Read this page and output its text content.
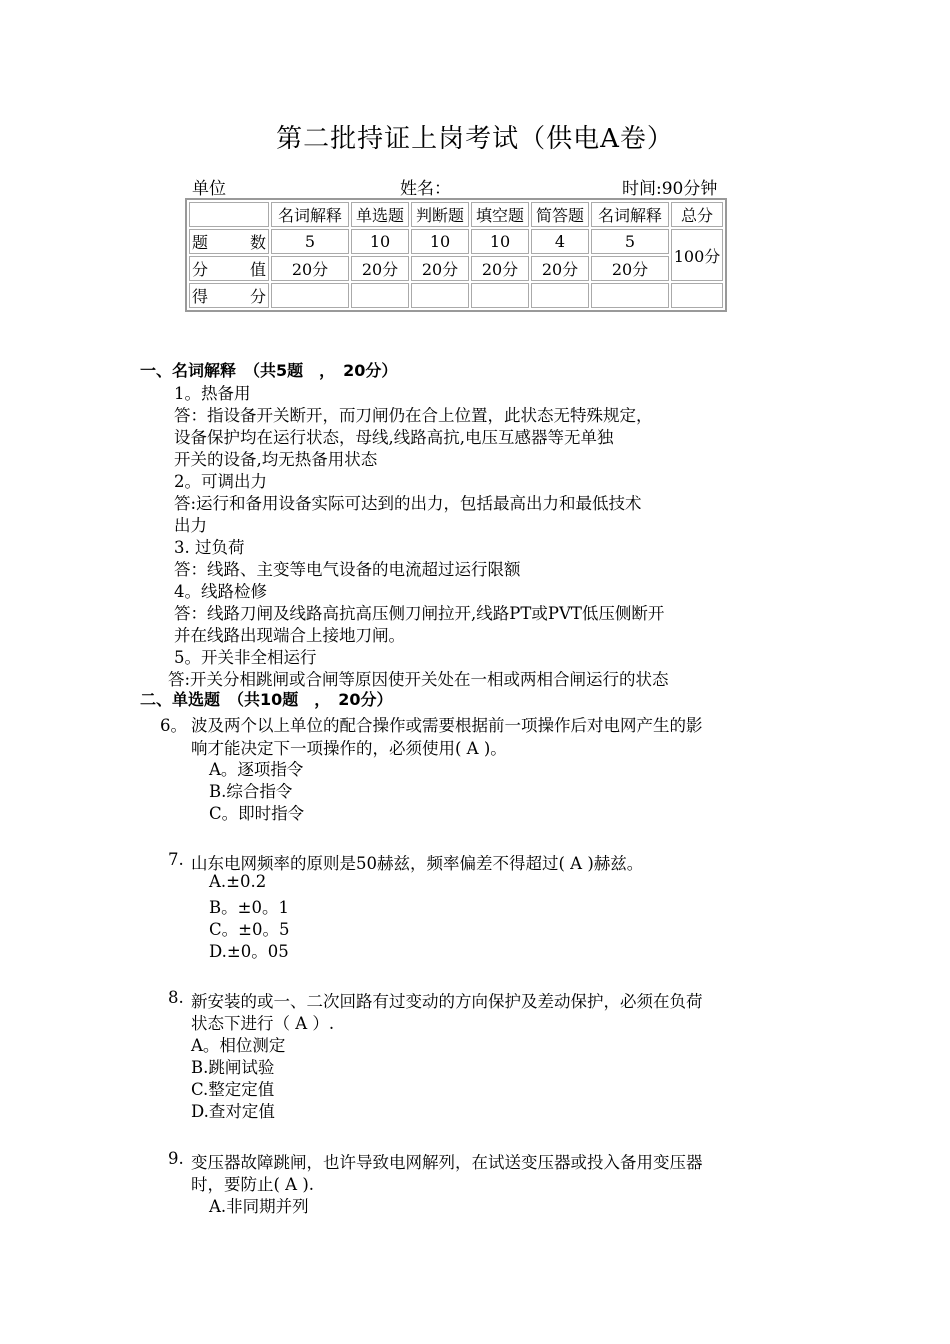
第二批持证上岗考试（供电A卷）
单位	姓名：	时间:90分钟
	名词解释	单选题	判断题	填空题	简答题	名词解释	总分
题　数	5	10	10	10	4	5	100分
分　值	20分	20分	20分	20分	20分	20分	
得　分							
一、名词解释　（共5题　，　20分）
1。热备用
答：指设备开关断开，而刀闸仍在合上位置，此状态无特殊规定，
设备保护均在运行状态，母线,线路高抗,电压互感器等无单独
开关的设备,均无热备用状态
2。可调出力
答:运行和备用设备实际可达到的出力，包括最高出力和最低技术
出力
3. 过负荷
答：线路、主变等电气设备的电流超过运行限额
4。线路检修
答：线路刀闸及线路高抗高压侧刀闸拉开,线路PT或PVT低压侧断开
并在线路出现端合上接地刀闸。
5。开关非全相运行
答:开关分相跳闸或合闸等原因使开关处在一相或两相合闸运行的状态
二、单选题　（共10题　，　20分）
6。 波及两个以上单位的配合操作或需要根据前一项操作后对电网产生的影
响才能决定下一项操作的，必须使用( A )。
A。逐项指令
B.综合指令
C。即时指令
7. 山东电网频率的原则是50赫兹，频率偏差不得超过( A )赫兹。
A.±0.2
B。±0。1
C。±0。5
D.±0。05
8. 新安装的或一、二次回路有过变动的方向保护及差动保护，必须在负荷
状态下进行（ A ）.
A。相位测定
B.跳闸试验
C.整定定值
D.查对定值
9. 变压器故障跳闸，也许导致电网解列，在试送变压器或投入备用变压器
时，要防止( A ).
A.非同期并列
